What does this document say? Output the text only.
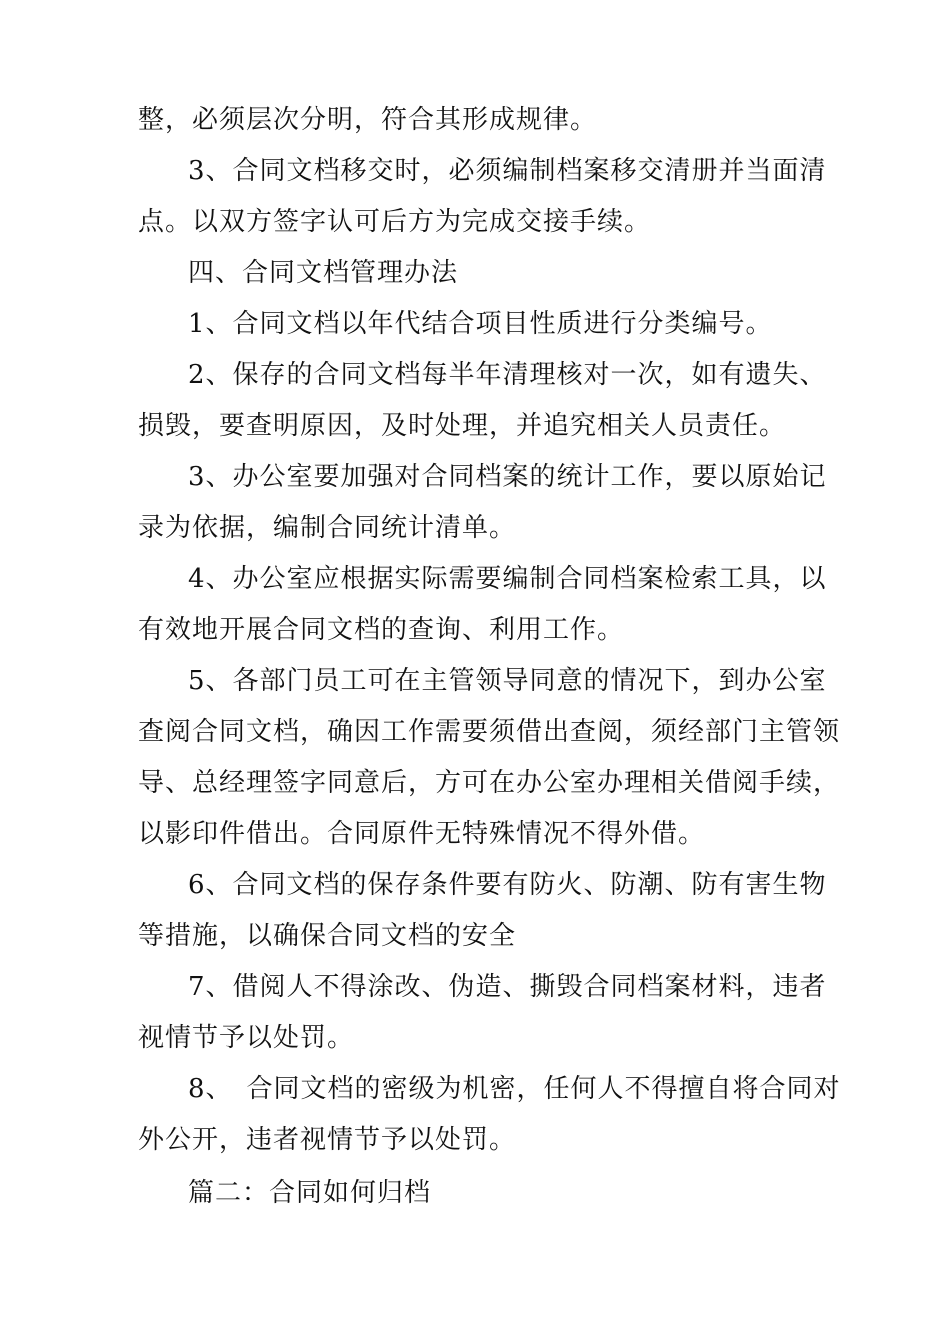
整，必须层次分明，符合其形成规律。
3、合同文档移交时，必须编制档案移交清册并当面清
点。以双方签字认可后方为完成交接手续。
四、合同文档管理办法
1、合同文档以年代结合项目性质进行分类编号。
2、保存的合同文档每半年清理核对一次，如有遗失、
损毁，要查明原因，及时处理，并追究相关人员责任。
3、办公室要加强对合同档案的统计工作，要以原始记
录为依据，编制合同统计清单。
4、办公室应根据实际需要编制合同档案检索工具，以
有效地开展合同文档的查询、利用工作。
5、各部门员工可在主管领导同意的情况下，到办公室
查阅合同文档，确因工作需要须借出查阅，须经部门主管领
导、总经理签字同意后，方可在办公室办理相关借阅手续，
以影印件借出。合同原件无特殊情况不得外借。
6、合同文档的保存条件要有防火、防潮、防有害生物
等措施，以确保合同文档的安全
7、借阅人不得涂改、伪造、撕毁合同档案材料，违者
视情节予以处罚。
8、　合同文档的密级为机密，任何人不得擅自将合同对
外公开，违者视情节予以处罚。
篇二：合同如何归档
